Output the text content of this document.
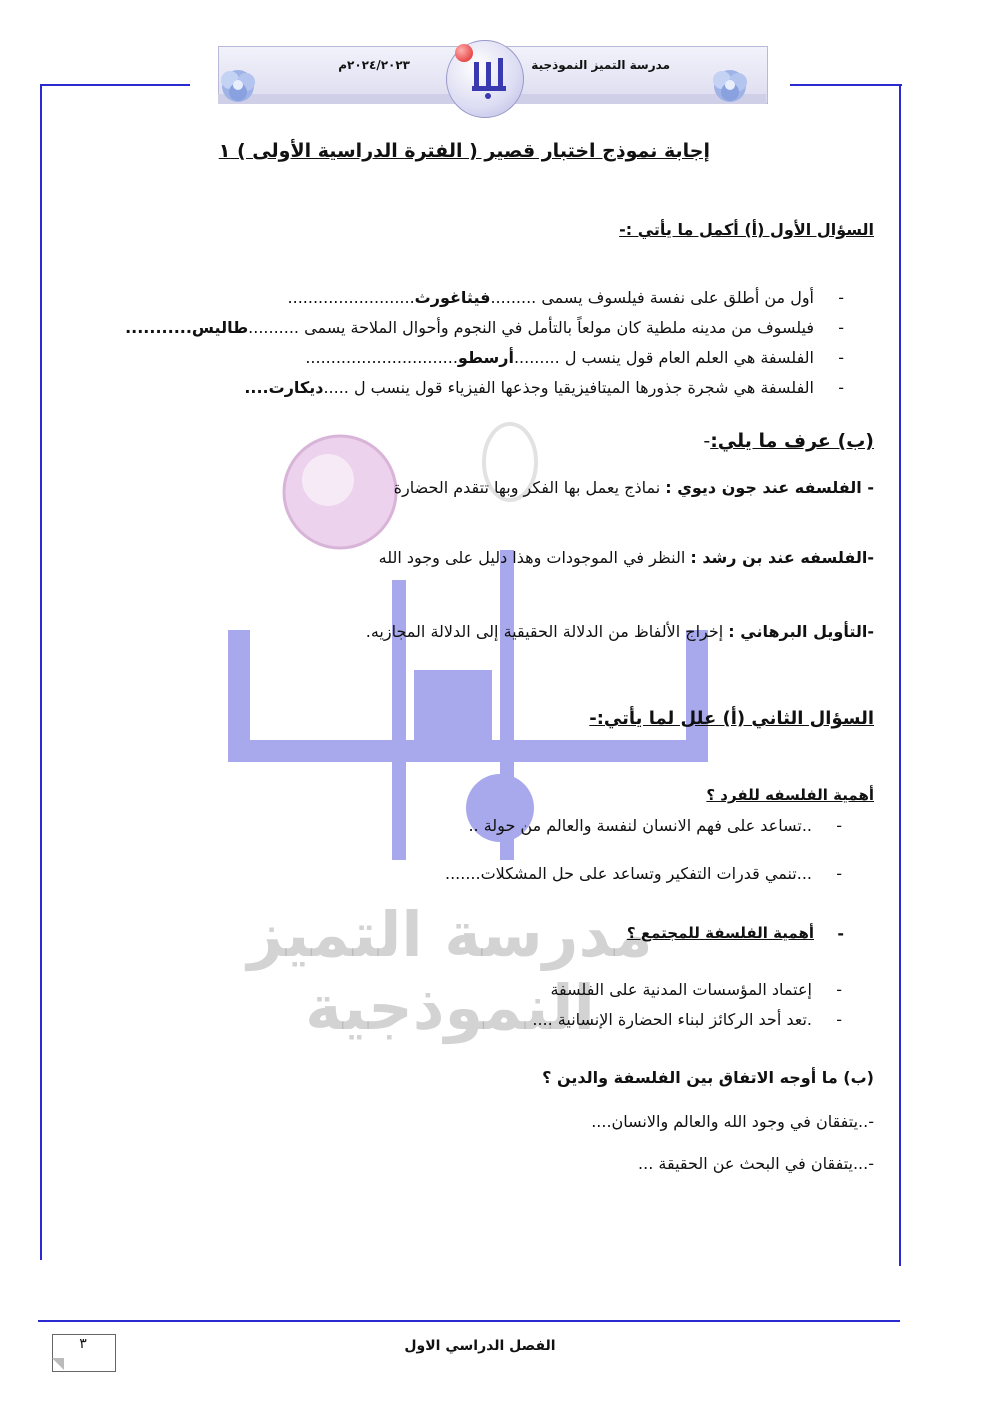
مدرسة التميز النموذجية
٢٠٢٤/٢٠٢٣م
مدرسة التميز النموذجية
إجابة نموذج اختبار قصير ( الفترة الدراسية الأولى ) ١
السؤال الأول (أ) أكمل ما يأتي :-
أول من أطلق على نفسة فيلسوف يسمى .........فيثاغورث.........................	-
فيلسوف من مدينه ملطية كان مولعاً بالتأمل في النجوم وأحوال الملاحة يسمى ..........طاليس...........	-
الفلسفة هي العلم العام قول ينسب ل .........أرسطو..............................	-
الفلسفة هي شجرة جذورها الميتافيزيقيا وجذعها الفيزياء قول ينسب ل .....ديكارت....	-
(ب) عرف ما يلي:-
- الفلسفه عند جون ديوي : نماذج يعمل بها الفكر وبها تتقدم الحضارة
-الفلسفه عند بن رشد : النظر في الموجودات وهذا دليل على وجود الله
-التأويل البرهاني : إخراج الألفاظ من الدلالة الحقيقية إلى الدلالة المجازيه.
السؤال الثاني (أ) علل لما يأتي:-
أهمية الفلسفه للفرد ؟
..تساعد على فهم الانسان لنفسة والعالم من حولة .. -
...تنمي قدرات التفكير وتساعد على حل المشكلات....... -
أهمية الفلسفة للمجتمع ؟ -
إعتماد المؤسسات المدنية على الفلسفة -
.تعد أحد الركائز لبناء الحضارة الإنسانية .... -
(ب) ما أوجه الاتفاق بين الفلسفة والدين ؟
-..يتفقان في وجود الله والعالم والانسان....
-...يتفقان في البحث عن الحقيقة ...
٣	الفصل الدراسي الاول
